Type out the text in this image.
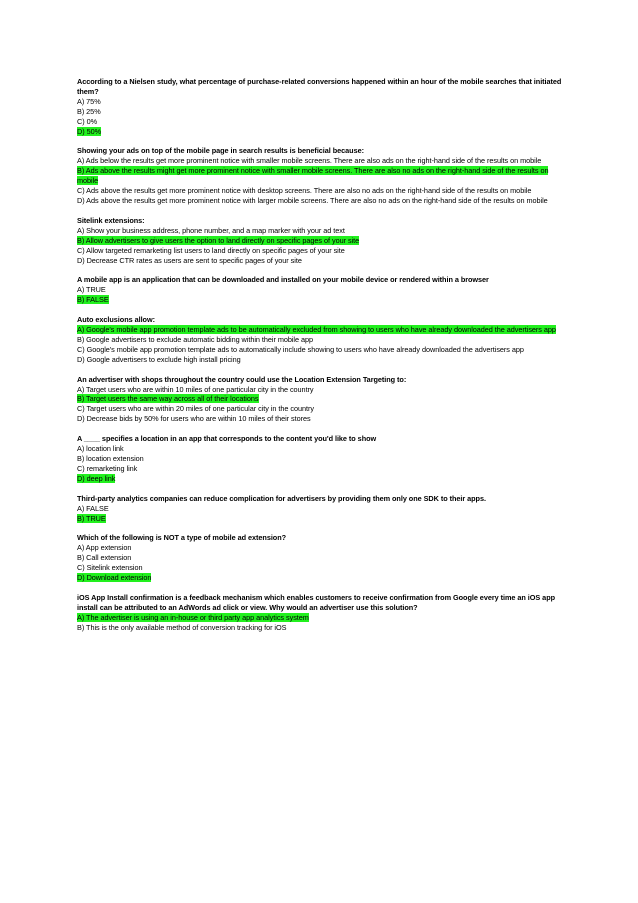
According to a Nielsen study, what percentage of purchase-related conversions happened within an hour of the mobile searches that initiated them?
A) 75%
B) 25%
C) 0%
D) 50%
Showing your ads on top of the mobile page in search results is beneficial because:
A) Ads below the results get more prominent notice with smaller mobile screens. There are also ads on the right-hand side of the results on mobile
B) Ads above the results might get more prominent notice with smaller mobile screens. There are also no ads on the right-hand side of the results on mobile
C) Ads above the results get more prominent notice with desktop screens. There are also no ads on the right-hand side of the results on mobile
D) Ads above the results get more prominent notice with larger mobile screens. There are also no ads on the right-hand side of the results on mobile
Sitelink extensions:
A) Show your business address, phone number, and a map marker with your ad text
B) Allow advertisers to give users the option to land directly on specific pages of your site
C) Allow targeted remarketing list users to land directly on specific pages of your site
D) Decrease CTR rates as users are sent to specific pages of your site
A mobile app is an application that can be downloaded and installed on your mobile device or rendered within a browser
A) TRUE
B) FALSE
Auto exclusions allow:
A) Google's mobile app promotion template ads to be automatically excluded from showing to users who have already downloaded the advertisers app
B) Google advertisers to exclude automatic bidding within their mobile app
C) Google's mobile app promotion template ads to automatically include showing to users who have already downloaded the advertisers app
D) Google advertisers to exclude high install pricing
An advertiser with shops throughout the country could use the Location Extension Targeting to:
A) Target users who are within 10 miles of one particular city in the country
B) Target users the same way across all of their locations
C) Target users who are within 20 miles of one particular city in the country
D) Decrease bids by 50% for users who are within 10 miles of their stores
A ____ specifies a location in an app that corresponds to the content you'd like to show
A) location link
B) location extension
C) remarketing link
D) deep link
Third-party analytics companies can reduce complication for advertisers by providing them only one SDK to their apps.
A) FALSE
B) TRUE
Which of the following is NOT a type of mobile ad extension?
A) App extension
B) Call extension
C) Sitelink extension
D) Download extension
iOS App Install confirmation is a feedback mechanism which enables customers to receive confirmation from Google every time an iOS app install can be attributed to an AdWords ad click or view. Why would an advertiser use this solution?
A) The advertiser is using an in-house or third party app analytics system
B) This is the only available method of conversion tracking for iOS
